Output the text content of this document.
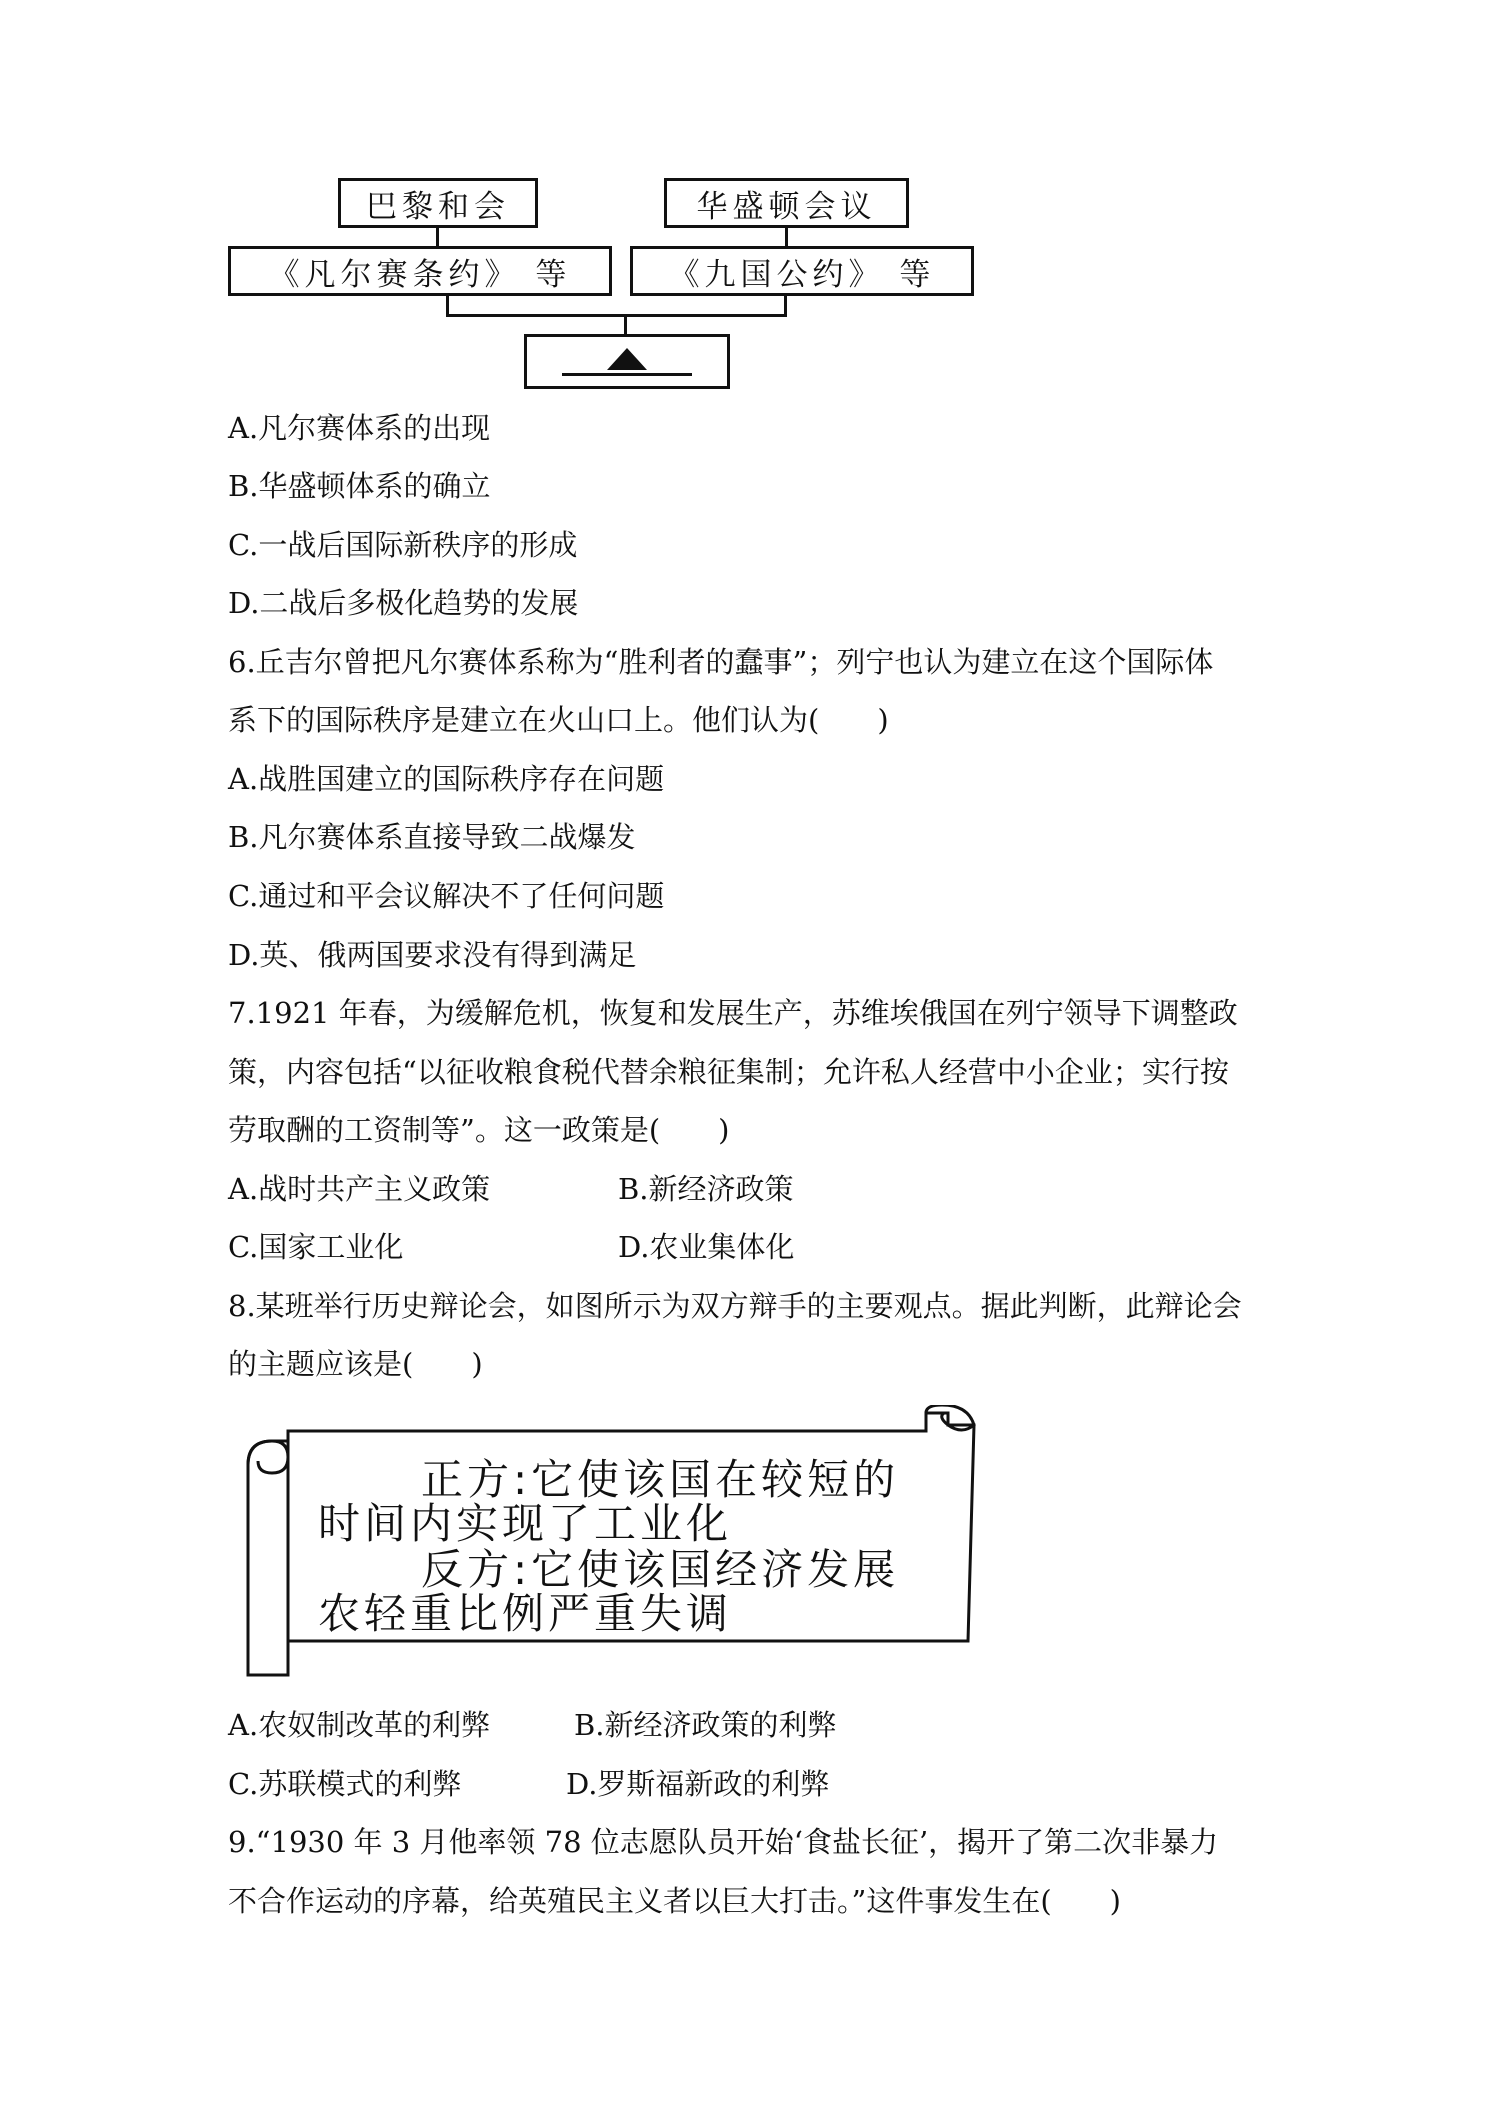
巴黎和会	华盛顿会议
《凡尔赛条约》 等	《九国公约》 等
A.凡尔赛体系的出现
B.华盛顿体系的确立
C.一战后国际新秩序的形成
D.二战后多极化趋势的发展
6.丘吉尔曾把凡尔赛体系称为“胜利者的蠢事”；列宁也认为建立在这个国际体
系下的国际秩序是建立在火山口上。他们认为(　　)
A.战胜国建立的国际秩序存在问题
B.凡尔赛体系直接导致二战爆发
C.通过和平会议解决不了任何问题
D.英、俄两国要求没有得到满足
7.1921 年春，为缓解危机，恢复和发展生产，苏维埃俄国在列宁领导下调整政
策，内容包括“以征收粮食税代替余粮征集制；允许私人经营中小企业；实行按
劳取酬的工资制等”。这一政策是(　　)
A.战时共产主义政策	B.新经济政策
C.国家工业化	D.农业集体化
8.某班举行历史辩论会，如图所示为双方辩手的主要观点。据此判断，此辩论会
的主题应该是(　　)
正方:它使该国在较短的
时间内实现了工业化
反方:它使该国经济发展
农轻重比例严重失调
A.农奴制改革的利弊	B.新经济政策的利弊
C.苏联模式的利弊	D.罗斯福新政的利弊
9.“1930 年 3 月他率领 78 位志愿队员开始‘食盐长征’，揭开了第二次非暴力
不合作运动的序幕，给英殖民主义者以巨大打击。”这件事发生在(　　)
